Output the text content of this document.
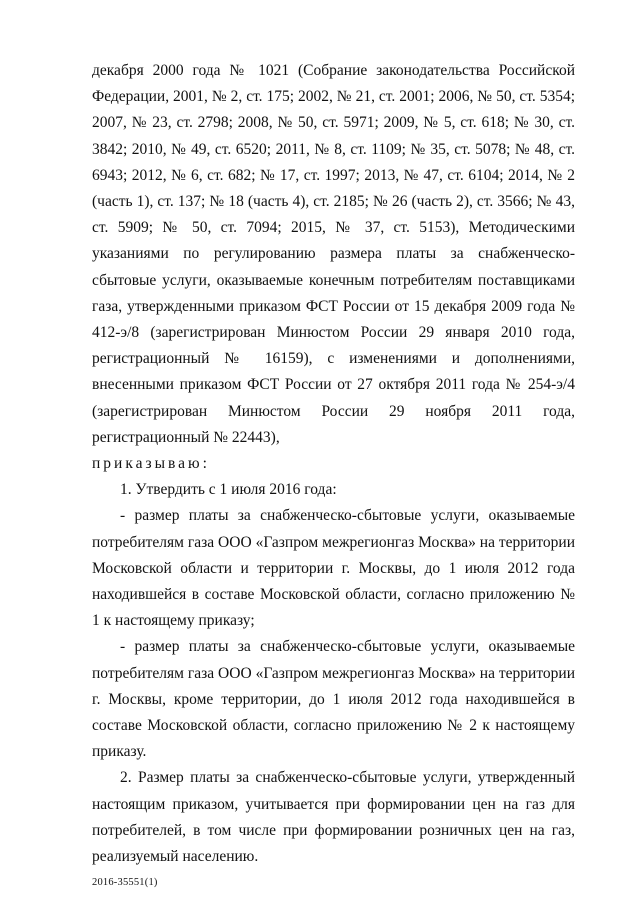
декабря 2000 года № 1021 (Собрание законодательства Российской Федерации, 2001, № 2, ст. 175; 2002, № 21, ст. 2001; 2006, № 50, ст. 5354; 2007, № 23, ст. 2798; 2008, № 50, ст. 5971; 2009, № 5, ст. 618; № 30, ст. 3842; 2010, № 49, ст. 6520; 2011, № 8, ст. 1109; № 35, ст. 5078; № 48, ст. 6943; 2012, № 6, ст. 682; № 17, ст. 1997; 2013, № 47, ст. 6104; 2014, № 2 (часть 1), ст. 137; № 18 (часть 4), ст. 2185; № 26 (часть 2), ст. 3566; № 43, ст. 5909; № 50, ст. 7094; 2015, № 37, ст. 5153), Методическими указаниями по регулированию размера платы за снабженческо-сбытовые услуги, оказываемые конечным потребителям поставщиками газа, утвержденными приказом ФСТ России от 15 декабря 2009 года № 412-э/8 (зарегистрирован Минюстом России 29 января 2010 года, регистрационный № 16159), с изменениями и дополнениями, внесенными приказом ФСТ России от 27 октября 2011 года № 254-э/4 (зарегистрирован Минюстом России 29 ноября 2011 года, регистрационный № 22443),

приказываю:

1. Утвердить с 1 июля 2016 года:

- размер платы за снабженческо-сбытовые услуги, оказываемые потребителям газа ООО «Газпром межрегионгаз Москва» на территории Московской области и территории г. Москвы, до 1 июля 2012 года находившейся в составе Московской области, согласно приложению № 1 к настоящему приказу;

- размер платы за снабженческо-сбытовые услуги, оказываемые потребителям газа ООО «Газпром межрегионгаз Москва» на территории г. Москвы, кроме территории, до 1 июля 2012 года находившейся в составе Московской области, согласно приложению № 2 к настоящему приказу.

2. Размер платы за снабженческо-сбытовые услуги, утвержденный настоящим приказом, учитывается при формировании цен на газ для потребителей, в том числе при формировании розничных цен на газ, реализуемый населению.

2016-35551(1)
